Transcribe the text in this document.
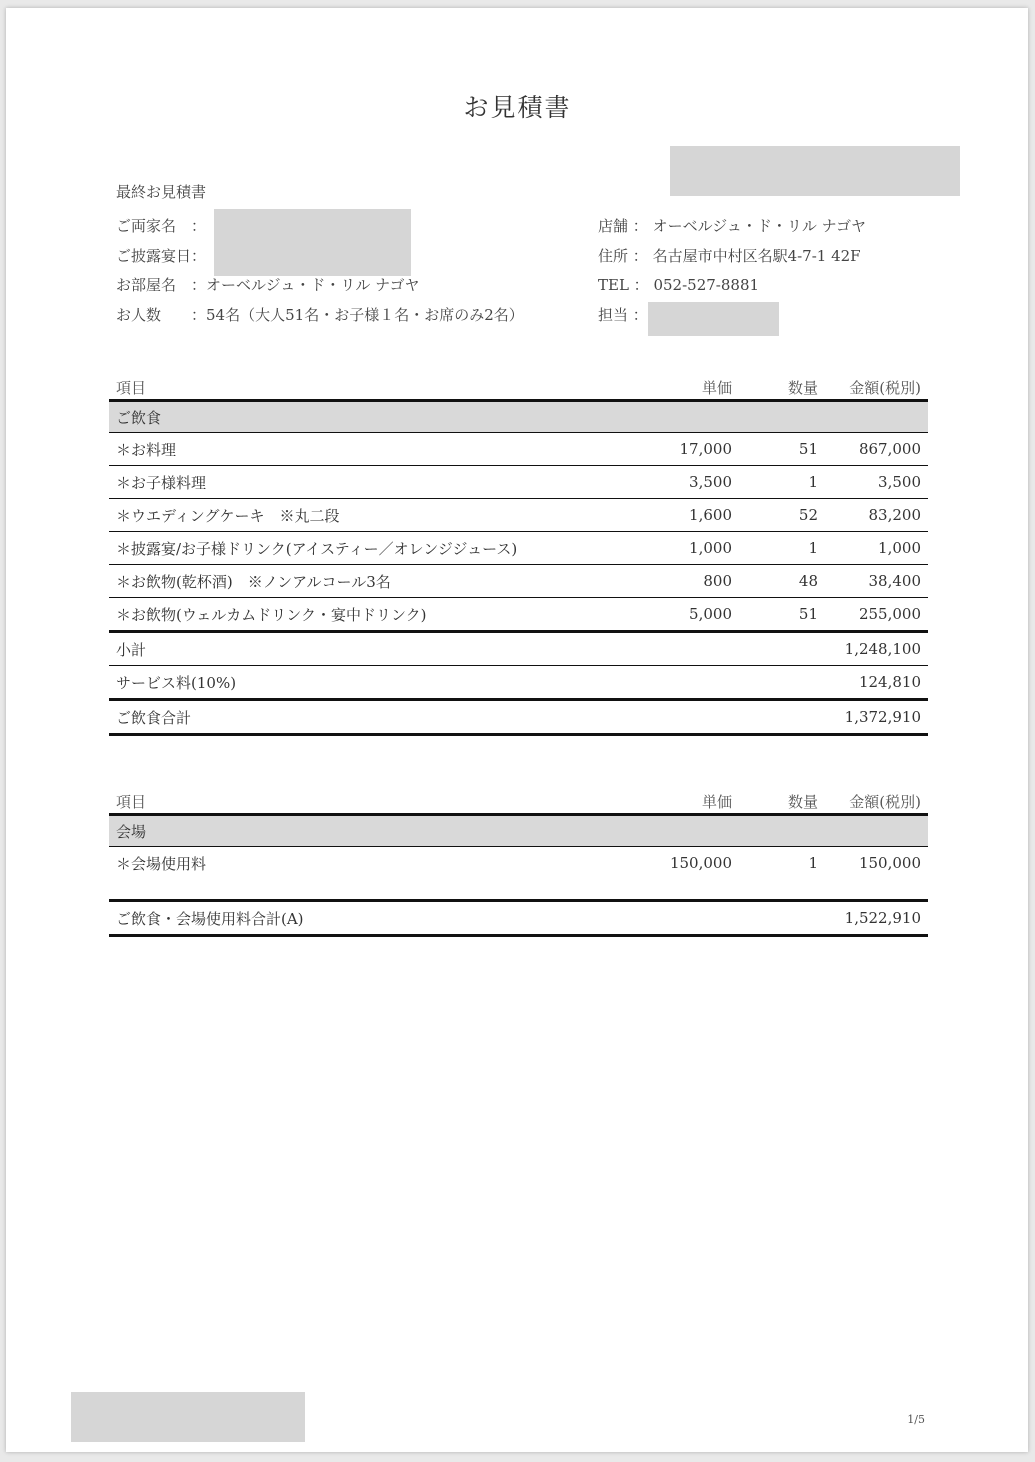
お見積書
最終お見積書
ご両家名　：
ご披露宴日：
お部屋名　：オーベルジュ・ド・リル ナゴヤ
お人数　　：54名（大人51名・お子様１名・お席のみ2名）
店舗 ： オーベルジュ・ド・リル ナゴヤ
住所 ： 名古屋市中村区名駅4-7-1 42F
TEL ： 052-527-8881
担当 ：
項目	単価	数量	金額(税別)
ご飲食			
＊お料理	17,000	51	867,000
＊お子様料理	3,500	1	3,500
＊ウエディングケーキ　※丸二段	1,600	52	83,200
＊披露宴/お子様ドリンク(アイスティー／オレンジジュース)	1,000	1	1,000
＊お飲物(乾杯酒)　※ノンアルコール3名	800	48	38,400
＊お飲物(ウェルカムドリンク・宴中ドリンク)	5,000	51	255,000
小計			1,248,100
サービス料(10%)			124,810
ご飲食合計			1,372,910
項目	単価	数量	金額(税別)
会場			
＊会場使用料	150,000	1	150,000

ご飲食・会場使用料合計(A)			1,522,910
1/5
